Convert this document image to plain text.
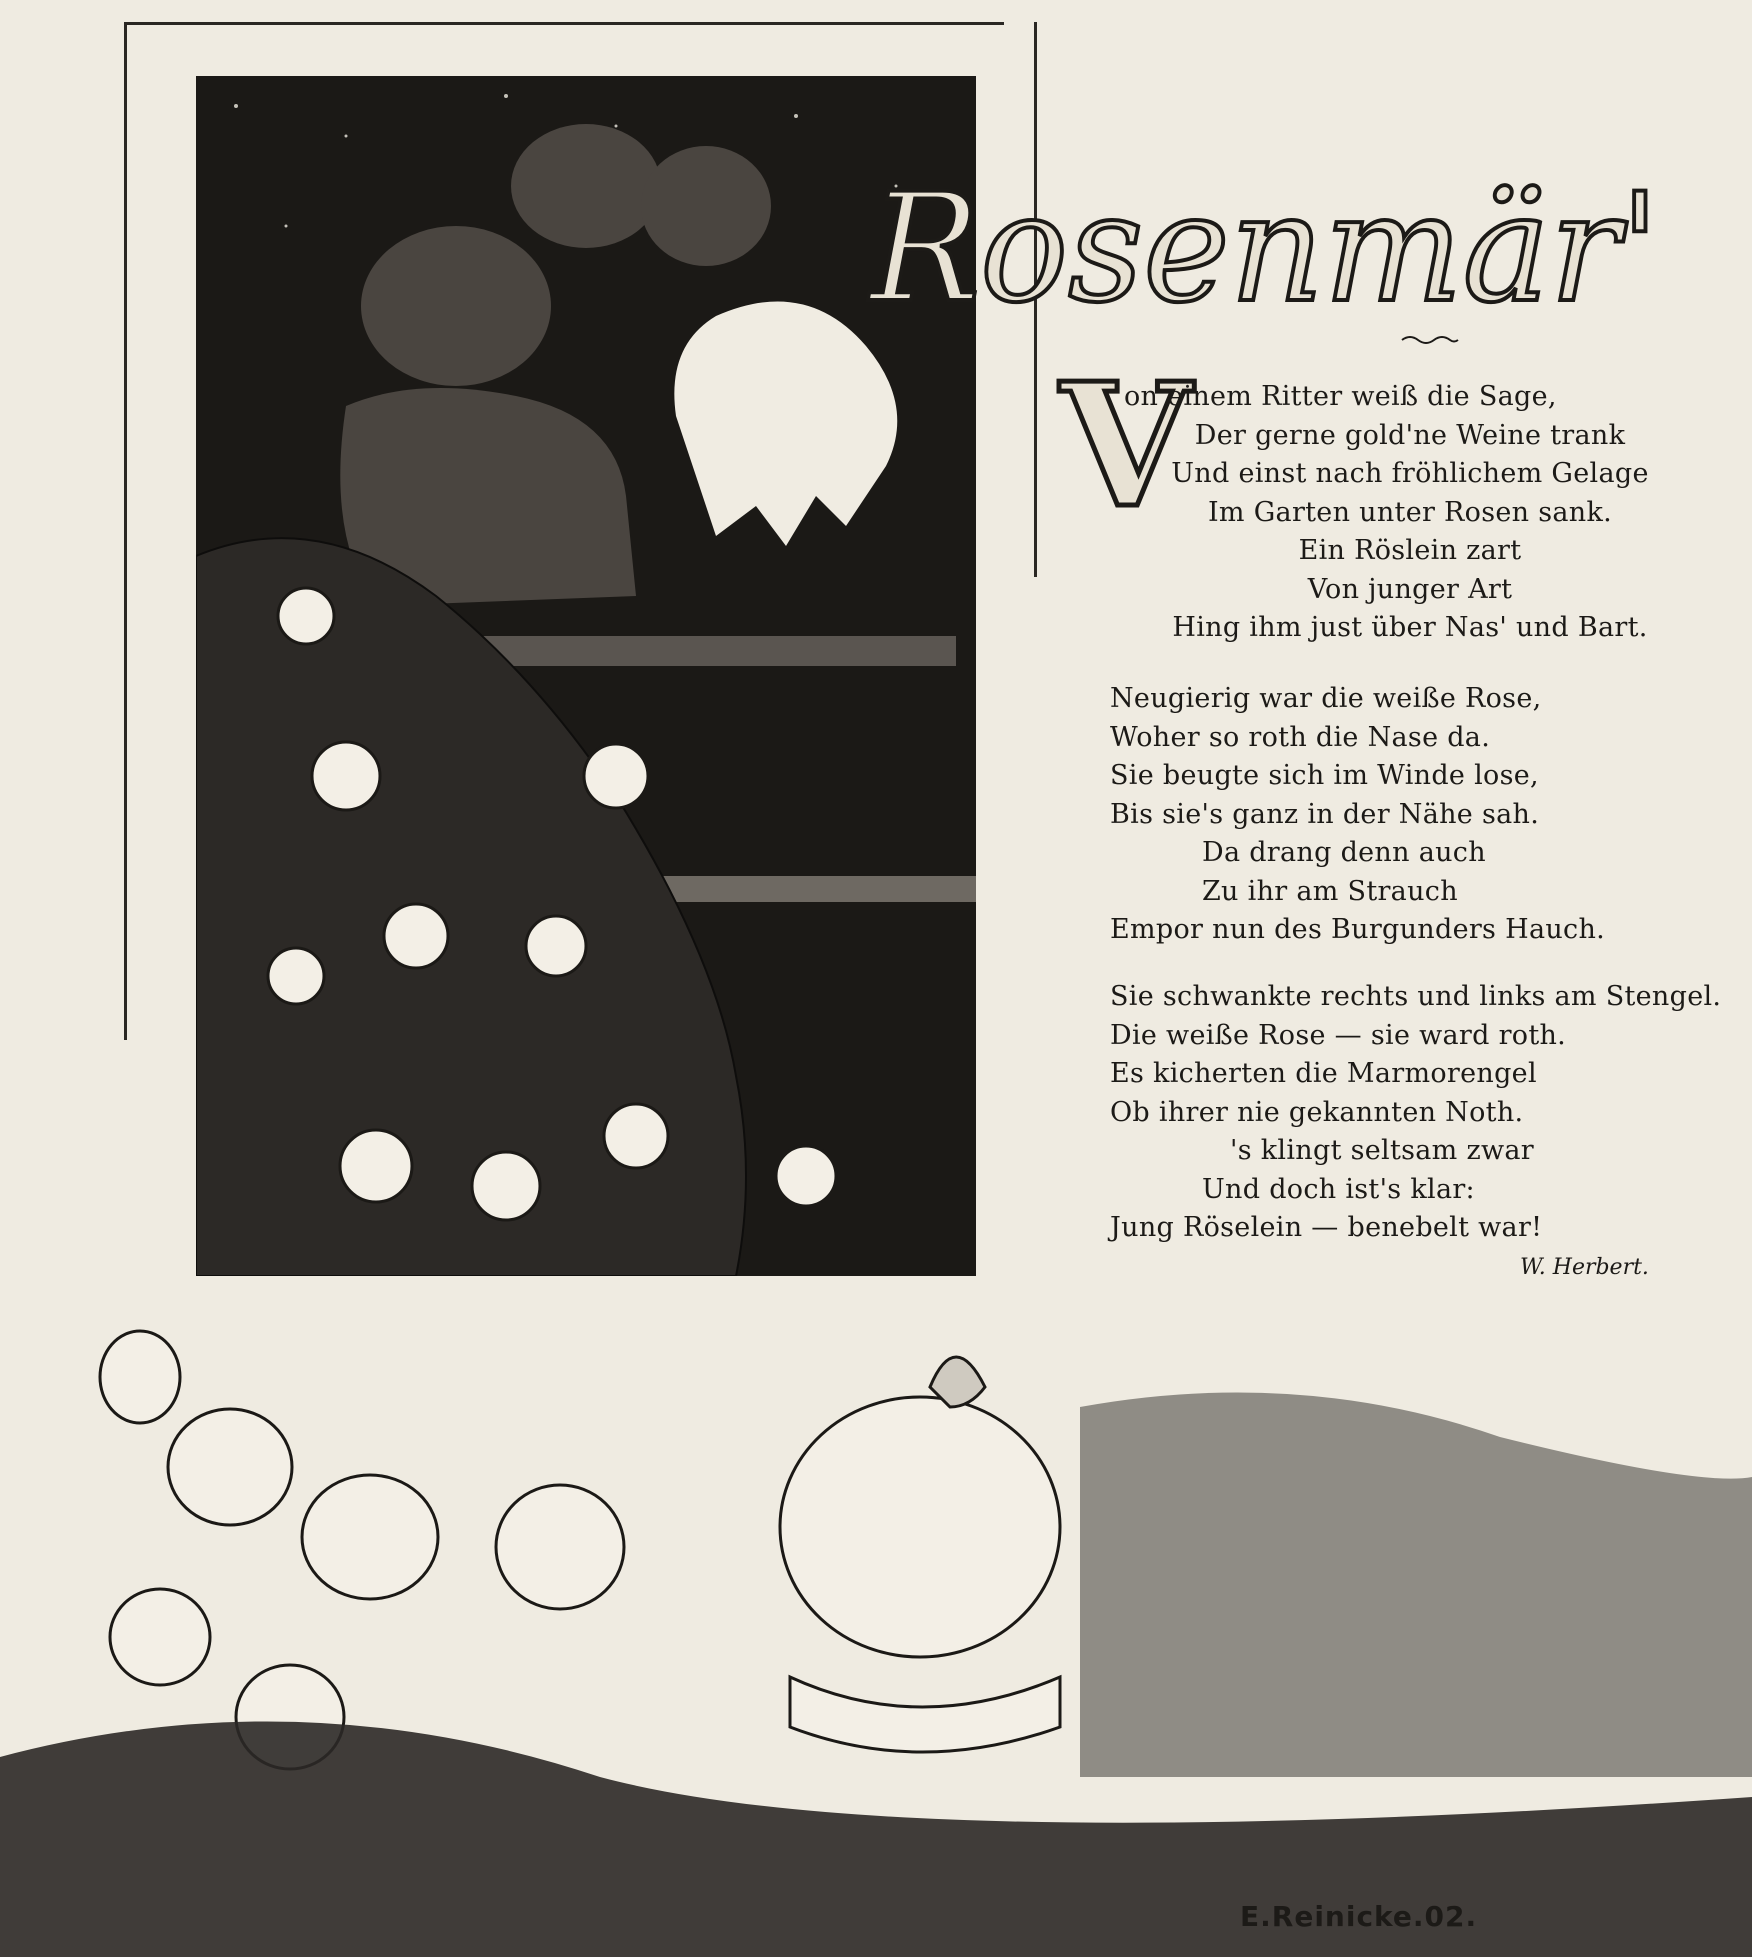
Rosenmär'
V
on einem Ritter weiß die Sage,
Der gerne gold'ne Weine trank
Und einst nach fröhlichem Gelage
Im Garten unter Rosen sank.
Ein Röslein zart
Von junger Art
Hing ihm just über Nas' und Bart.
Neugierig war die weiße Rose,
Woher so roth die Nase da.
Sie beugte sich im Winde lose,
Bis sie's ganz in der Nähe sah.
Da drang denn auch
Zu ihr am Strauch
Empor nun des Burgunders Hauch.
Sie schwankte rechts und links am Stengel.
Die weiße Rose — sie ward roth.
Es kicherten die Marmorengel
Ob ihrer nie gekannten Noth.
's klingt seltsam zwar
Und doch ist's klar:
Jung Röselein — benebelt war!
W. Herbert.
E.Reinicke.02.
